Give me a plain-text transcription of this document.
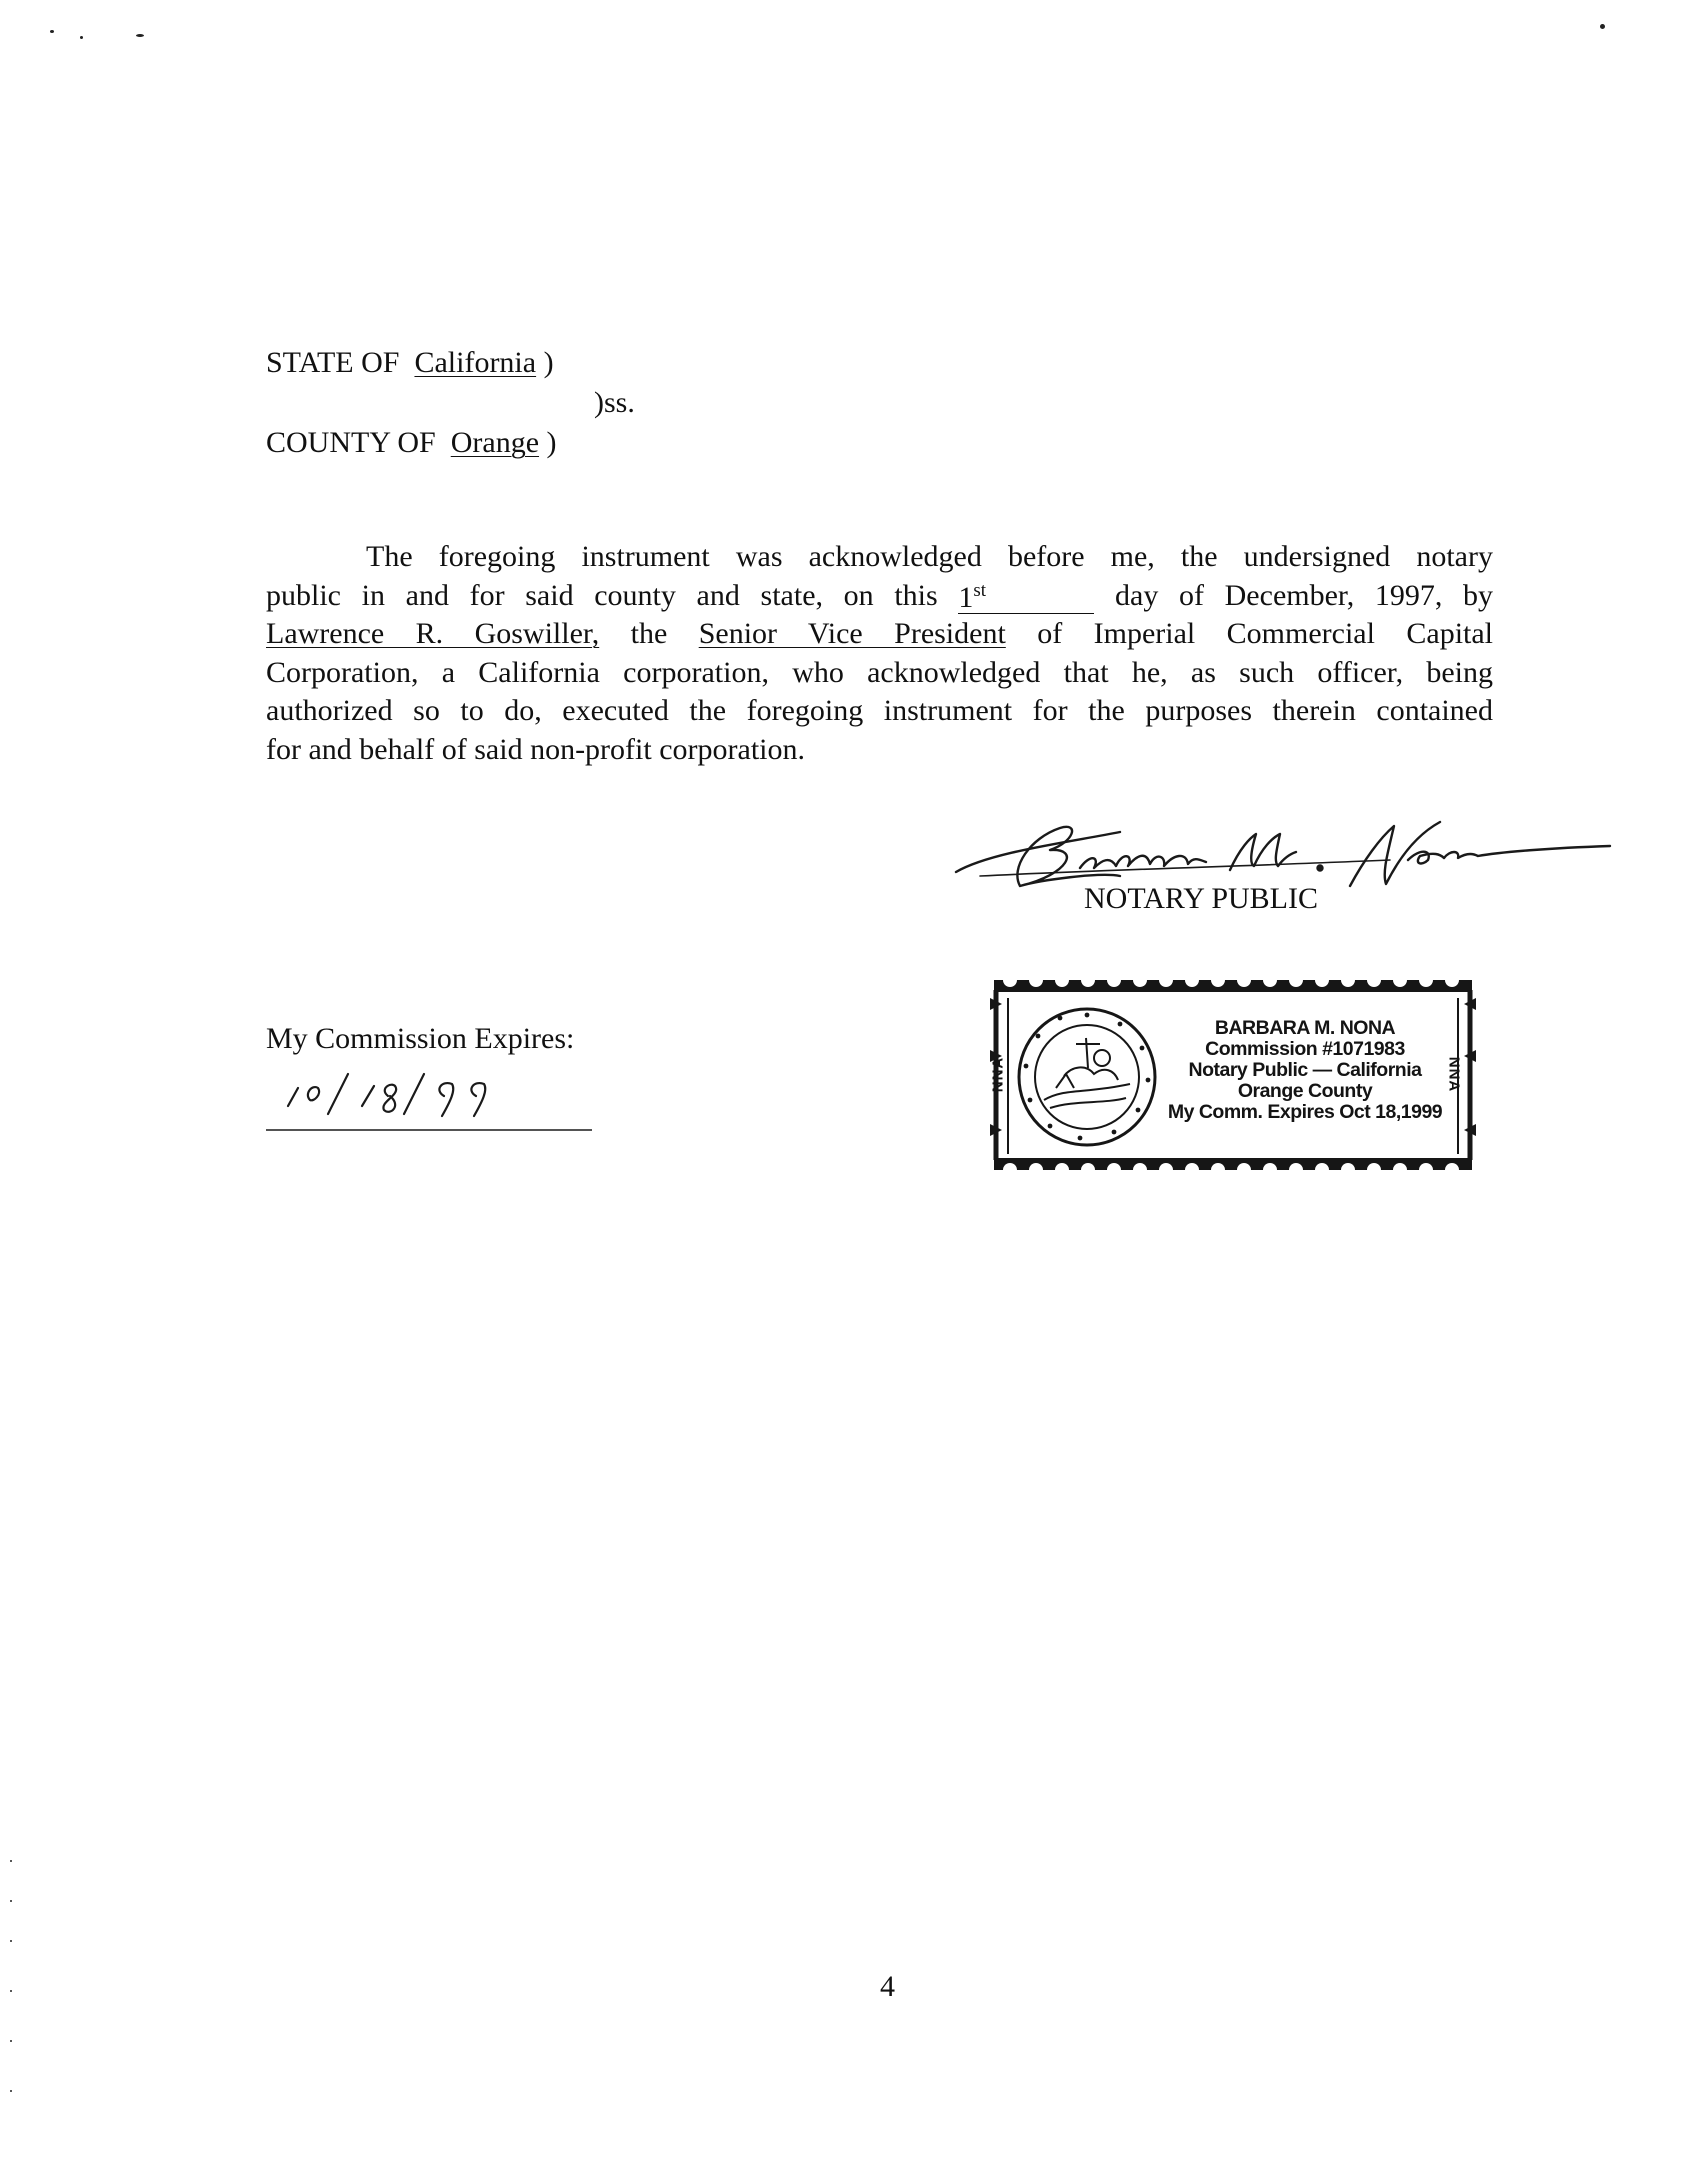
STATE OF California )
)ss.
COUNTY OF Orange )
The foregoing instrument was acknowledged before me, the undersigned notary
public in and for said county and state, on this 1st	day of December, 1997, by
Lawrence R. Goswiller, the Senior Vice President of Imperial Commercial Capital
Corporation, a California corporation, who acknowledged that he, as such officer, being
authorized so to do, executed the foregoing instrument for the purposes therein contained
for and behalf of said non-profit corporation.
NOTARY PUBLIC
My Commission Expires:	BARBARA M. NONA
Commission #1071983
Notary Public — California
Orange County
My Comm. Expires Oct 18,1999
NNA	NNA
4
